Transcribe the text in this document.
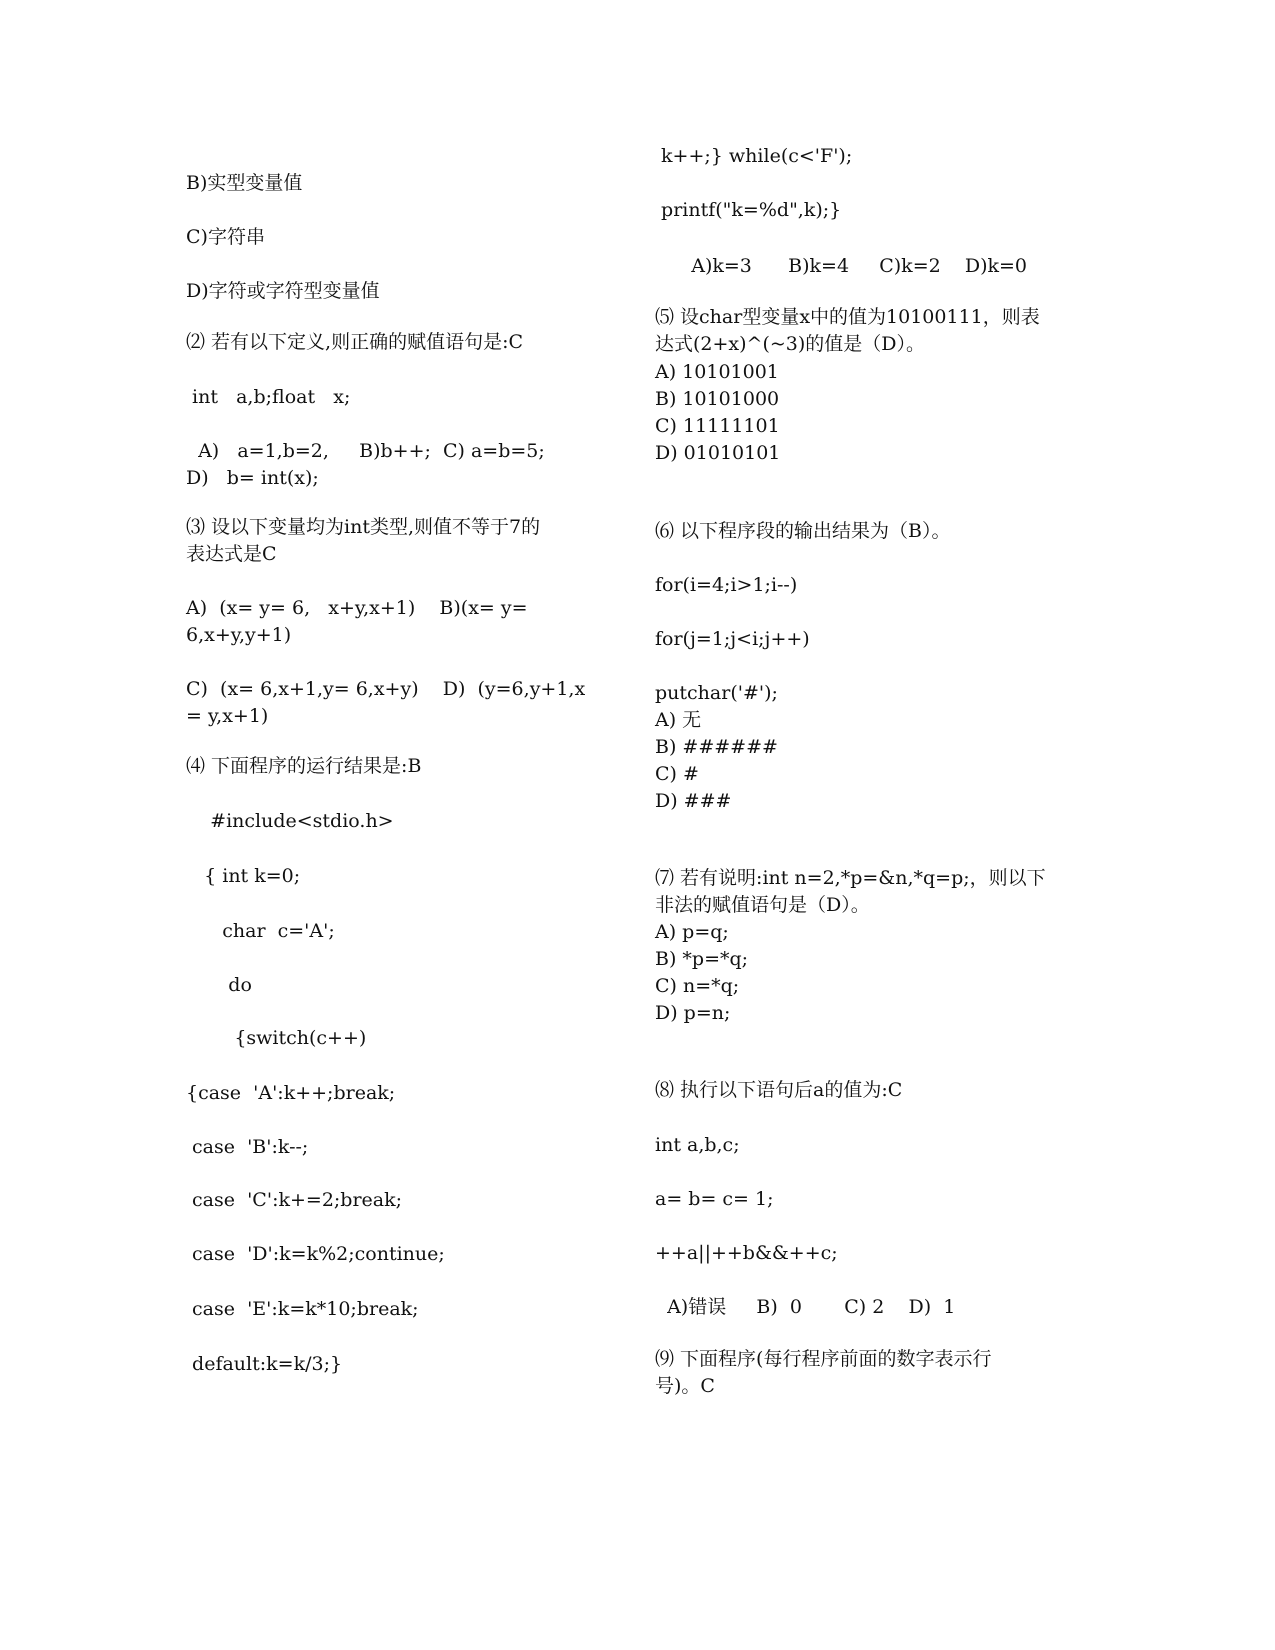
B)实型变量值
C)字符串
D)字符或字符型变量值
⑵ 若有以下定义,则正确的赋值语句是:C
int   a,b;float   x;
A)   a=1,b=2,     B)b++;  C) a=b=5;
D)   b= int(x);
⑶ 设以下变量均为int类型,则值不等于7的
表达式是C
A)  (x= y= 6,   x+y,x+1)    B)(x= y=
6,x+y,y+1)
C)  (x= 6,x+1,y= 6,x+y)    D)  (y=6,y+1,x
= y,x+1)
⑷ 下面程序的运行结果是:B
#include<stdio.h>
{ int k=0;
char  c='A';
do
{switch(c++)
{case  'A':k++;break;
case  'B':k--;
case  'C':k+=2;break;
case  'D':k=k%2;continue;
case  'E':k=k*10;break;
default:k=k/3;}
k++;} while(c<'F');
printf("k=%d",k);}
A)k=3      B)k=4     C)k=2    D)k=0
⑸ 设char型变量x中的值为10100111，则表
达式(2+x)^(~3)的值是（D）。
A) 10101001
B) 10101000
C) 11111101
D) 01010101
⑹ 以下程序段的输出结果为（B）。
for(i=4;i>1;i--)
for(j=1;j<i;j++)
putchar('#');
A) 无
B) ######
C) #
D) ###
⑺ 若有说明:int n=2,*p=&n,*q=p;，则以下
非法的赋值语句是（D）。
A) p=q;
B) *p=*q;
C) n=*q;
D) p=n;
⑻ 执行以下语句后a的值为:C
int a,b,c;
a= b= c= 1;
++a||++b&&++c;
A)错误     B)  0       C) 2    D)  1
⑼ 下面程序(每行程序前面的数字表示行
号)。C
